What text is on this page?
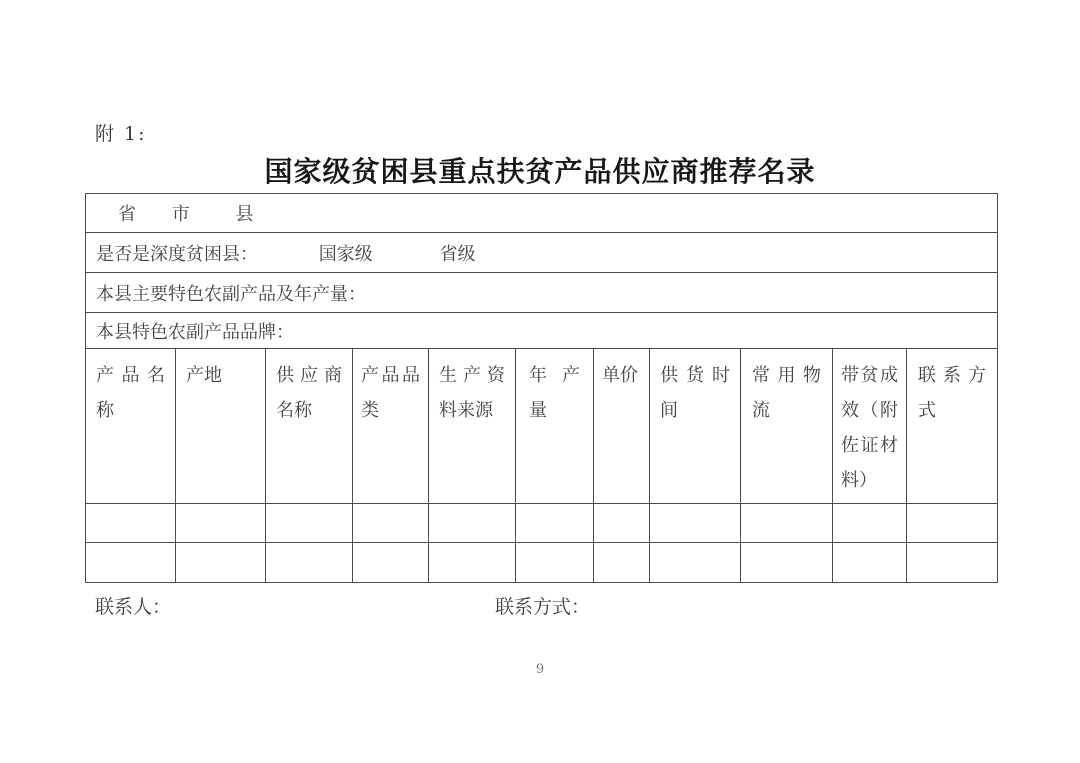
附 1:
国家级贫困县重点扶贫产品供应商推荐名录
省 市 县										
是否是深度贫困县： 国家级 省级										
本县主要特色农副产品及年产量：										
本县特色农副产品品牌：										
产品名称	产地	供应商名称	产品品类	生产资料来源	年产量	单价	供货时间	常用物流	带贫成效（附佐证材料）	联系方式

联系人：	联系方式：
9
